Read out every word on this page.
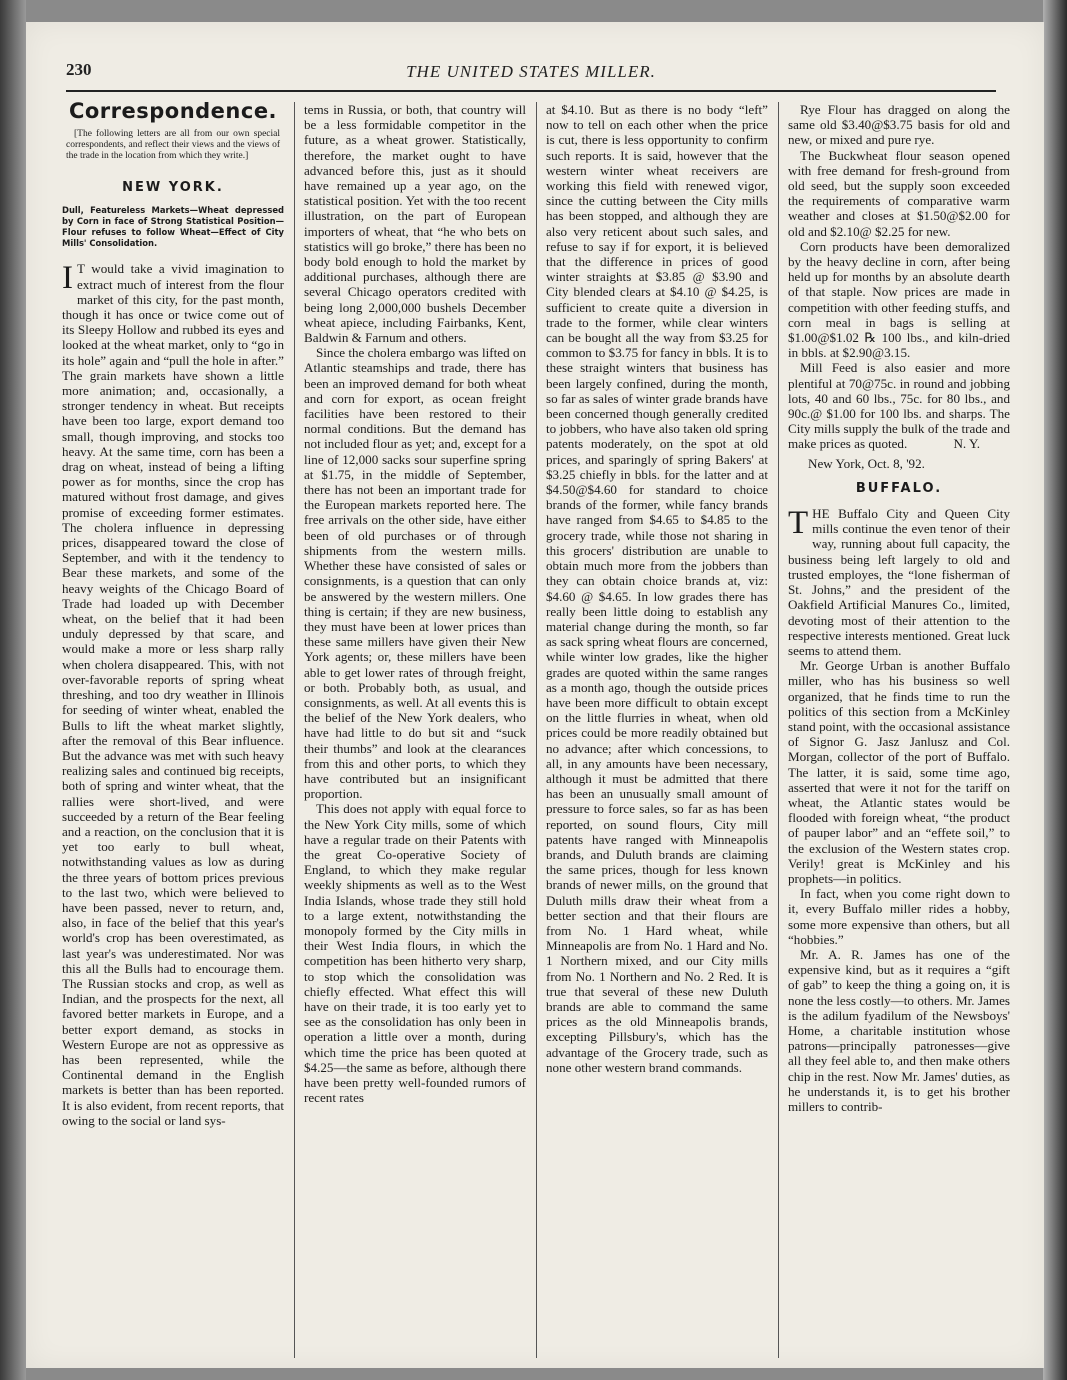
230	THE UNITED STATES MILLER.
Correspondence.

[The following letters are all from our own special correspondents, and reflect their views and the views of the trade in the location from which they write.]

NEW YORK.

Dull, Featureless Markets—Wheat depressed by Corn in face of Strong Statistical Position—Flour refuses to follow Wheat—Effect of City Mills' Consolidation.

I T would take a vivid imagination to extract much of interest from the flour market of this city, for the past month, though it has once or twice come out of its Sleepy Hollow and rubbed its eyes and looked at the wheat market, only to “go in its hole” again and “pull the hole in after.” The grain markets have shown a little more animation; and, occasionally, a stronger tendency in wheat. But receipts have been too large, export demand too small, though improving, and stocks too heavy. At the same time, corn has been a drag on wheat, instead of being a lifting power as for months, since the crop has matured without frost damage, and gives promise of exceeding former estimates. The cholera influence in depressing prices, disappeared toward the close of September, and with it the tendency to Bear these markets, and some of the heavy weights of the Chicago Board of Trade had loaded up with December wheat, on the belief that it had been unduly depressed by that scare, and would make a more or less sharp rally when cholera disappeared. This, with not over-favorable reports of spring wheat threshing, and too dry weather in Illinois for seeding of winter wheat, enabled the Bulls to lift the wheat market slightly, after the removal of this Bear influence. But the advance was met with such heavy realizing sales and continued big receipts, both of spring and winter wheat, that the rallies were short-lived, and were succeeded by a return of the Bear feeling and a reaction, on the conclusion that it is yet too early to bull wheat, notwithstanding values as low as during the three years of bottom prices previous to the last two, which were believed to have been passed, never to return, and, also, in face of the belief that this year's world's crop has been overestimated, as last year's was underestimated. Nor was this all the Bulls had to encourage them. The Russian stocks and crop, as well as Indian, and the prospects for the next, all favored better markets in Europe, and a better export demand, as stocks in Western Europe are not as oppressive as has been represented, while the Continental demand in the English markets is better than has been reported. It is also evident, from recent reports, that owing to the social or land sys-

tems in Russia, or both, that country will be a less formidable competitor in the future, as a wheat grower. Statistically, therefore, the market ought to have advanced before this, just as it should have remained up a year ago, on the statistical position. Yet with the too recent illustration, on the part of European importers of wheat, that “he who bets on statistics will go broke,” there has been no body bold enough to hold the market by additional purchases, although there are several Chicago operators credited with being long 2,000,000 bushels December wheat apiece, including Fairbanks, Kent, Baldwin & Farnum and others.

Since the cholera embargo was lifted on Atlantic steamships and trade, there has been an improved demand for both wheat and corn for export, as ocean freight facilities have been restored to their normal conditions. But the demand has not included flour as yet; and, except for a line of 12,000 sacks sour superfine spring at $1.75, in the middle of September, there has not been an important trade for the European markets reported here. The free arrivals on the other side, have either been of old purchases or of through shipments from the western mills. Whether these have consisted of sales or consignments, is a question that can only be answered by the western millers. One thing is certain; if they are new business, they must have been at lower prices than these same millers have given their New York agents; or, these millers have been able to get lower rates of through freight, or both. Probably both, as usual, and consignments, as well. At all events this is the belief of the New York dealers, who have had little to do but sit and “suck their thumbs” and look at the clearances from this and other ports, to which they have contributed but an insignificant proportion.

This does not apply with equal force to the New York City mills, some of which have a regular trade on their Patents with the great Co-operative Society of England, to which they make regular weekly shipments as well as to the West India Islands, whose trade they still hold to a large extent, notwithstanding the monopoly formed by the City mills in their West India flours, in which the competition has been hitherto very sharp, to stop which the consolidation was chiefly effected. What effect this will have on their trade, it is too early yet to see as the consolidation has only been in operation a little over a month, during which time the price has been quoted at $4.25—the same as before, although there have been pretty well-founded rumors of recent rates

at $4.10. But as there is no body “left” now to tell on each other when the price is cut, there is less opportunity to confirm such reports. It is said, however that the western winter wheat receivers are working this field with renewed vigor, since the cutting between the City mills has been stopped, and although they are also very reticent about such sales, and refuse to say if for export, it is believed that the difference in prices of good winter straights at $3.85 @ $3.90 and City blended clears at $4.10 @ $4.25, is sufficient to create quite a diversion in trade to the former, while clear winters can be bought all the way from $3.25 for common to $3.75 for fancy in bbls. It is to these straight winters that business has been largely confined, during the month, so far as sales of winter grade brands have been concerned though generally credited to jobbers, who have also taken old spring patents moderately, on the spot at old prices, and sparingly of spring Bakers' at $3.25 chiefly in bbls. for the latter and at $4.50@$4.60 for standard to choice brands of the former, while fancy brands have ranged from $4.65 to $4.85 to the grocery trade, while those not sharing in this grocers' distribution are unable to obtain much more from the jobbers than they can obtain choice brands at, viz: $4.60 @ $4.65. In low grades there has really been little doing to establish any material change during the month, so far as sack spring wheat flours are concerned, while winter low grades, like the higher grades are quoted within the same ranges as a month ago, though the outside prices have been more difficult to obtain except on the little flurries in wheat, when old prices could be more readily obtained but no advance; after which concessions, to all, in any amounts have been necessary, although it must be admitted that there has been an unusually small amount of pressure to force sales, so far as has been reported, on sound flours, City mill patents have ranged with Minneapolis brands, and Duluth brands are claiming the same prices, though for less known brands of newer mills, on the ground that Duluth mills draw their wheat from a better section and that their flours are from No. 1 Hard wheat, while Minneapolis are from No. 1 Hard and No. 1 Northern mixed, and our City mills from No. 1 Northern and No. 2 Red. It is true that several of these new Duluth brands are able to command the same prices as the old Minneapolis brands, excepting Pillsbury's, which has the advantage of the Grocery trade, such as none other western brand commands.

Rye Flour has dragged on along the same old $3.40@$3.75 basis for old and new, or mixed and pure rye.

The Buckwheat flour season opened with free demand for fresh-ground from old seed, but the supply soon exceeded the requirements of comparative warm weather and closes at $1.50@$2.00 for old and $2.10@ $2.25 for new.

Corn products have been demoralized by the heavy decline in corn, after being held up for months by an absolute dearth of that staple. Now prices are made in competition with other feeding stuffs, and corn meal in bags is selling at $1.00@$1.02 ℞ 100 lbs., and kiln-dried in bbls. at $2.90@3.15.

Mill Feed is also easier and more plentiful at 70@75c. in round and jobbing lots, 40 and 60 lbs., 75c. for 80 lbs., and 90c.@ $1.00 for 100 lbs. and sharps. The City mills supply the bulk of the trade and make prices as quoted.	N. Y.

New York, Oct. 8, '92.

BUFFALO.

THE Buffalo City and Queen City mills continue the even tenor of their way, running about full capacity, the business being left largely to old and trusted employes, the “lone fisherman of St. Johns,” and the president of the Oakfield Artificial Manures Co., limited, devoting most of their attention to the respective interests mentioned. Great luck seems to attend them.

Mr. George Urban is another Buffalo miller, who has his business so well organized, that he finds time to run the politics of this section from a McKinley stand point, with the occasional assistance of Signor G. Jasz Janlusz and Col. Morgan, collector of the port of Buffalo. The latter, it is said, some time ago, asserted that were it not for the tariff on wheat, the Atlantic states would be flooded with foreign wheat, “the product of pauper labor” and an “effete soil,” to the exclusion of the Western states crop. Verily! great is McKinley and his prophets—in politics.

In fact, when you come right down to it, every Buffalo miller rides a hobby, some more expensive than others, but all “hobbies.”

Mr. A. R. James has one of the expensive kind, but as it requires a “gift of gab” to keep the thing a going on, it is none the less costly—to others. Mr. James is the adilum fyadilum of the Newsboys' Home, a charitable institution whose patrons—principally patronesses—give all they feel able to, and then make others chip in the rest. Now Mr. James' duties, as he understands it, is to get his brother millers to contrib-
